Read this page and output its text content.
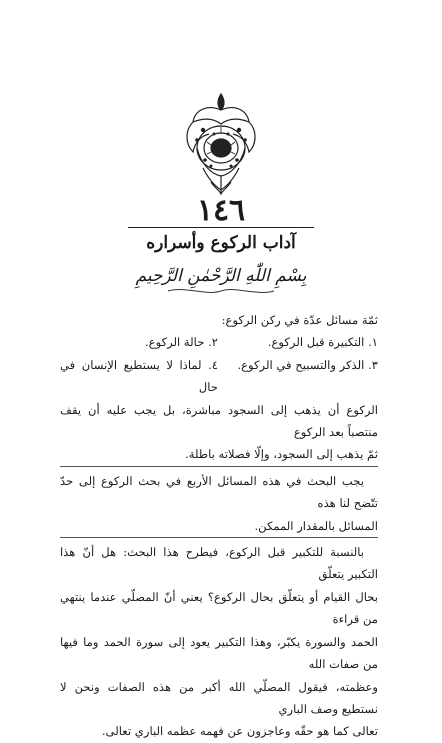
١٤٦
آداب الركوع وأسراره
بِسْمِ اللّٰهِ الرَّحْمٰنِ الرَّحِيمِ

ثمّة مسائل عدّة في ركن الركوع:

١. التكبيرة قبل الركوع.
٢. حالة الركوع.
٣. الذكر والتسبيح في الركوع.
٤. لماذا لا يستطيع الإنسان في حال

الركوع أن يذهب إلى السجود مباشرة، بل يجب عليه أن يقف منتصباً بعد الركوع

ثمّ يذهب إلى السجود، وإلّا فصلاته باطلة.

يجب البحث في هذه المسائل الأربع في بحث الركوع إلى حدّ تتّضح لنا هذه

المسائل بالمقدار الممكن.

بالنسبة للتكبير قبل الركوع، فيطرح هذا البحث: هل أنّ هذا التكبير يتعلّق

بحال القيام أو يتعلّق بحال الركوع؟ يعني أنّ المصلّي عندما ينتهي من قراءة

الحمد والسورة يكبّر، وهذا التكبير يعود إلى سورة الحمد وما فيها من صفات الله

وعظمته، فيقول المصلّي الله أكبر من هذه الصفات ونحن لا نستطيع وصف الباري

تعالى كما هو حقّه وعاجزون عن فهمه عظمه الباري تعالى.
